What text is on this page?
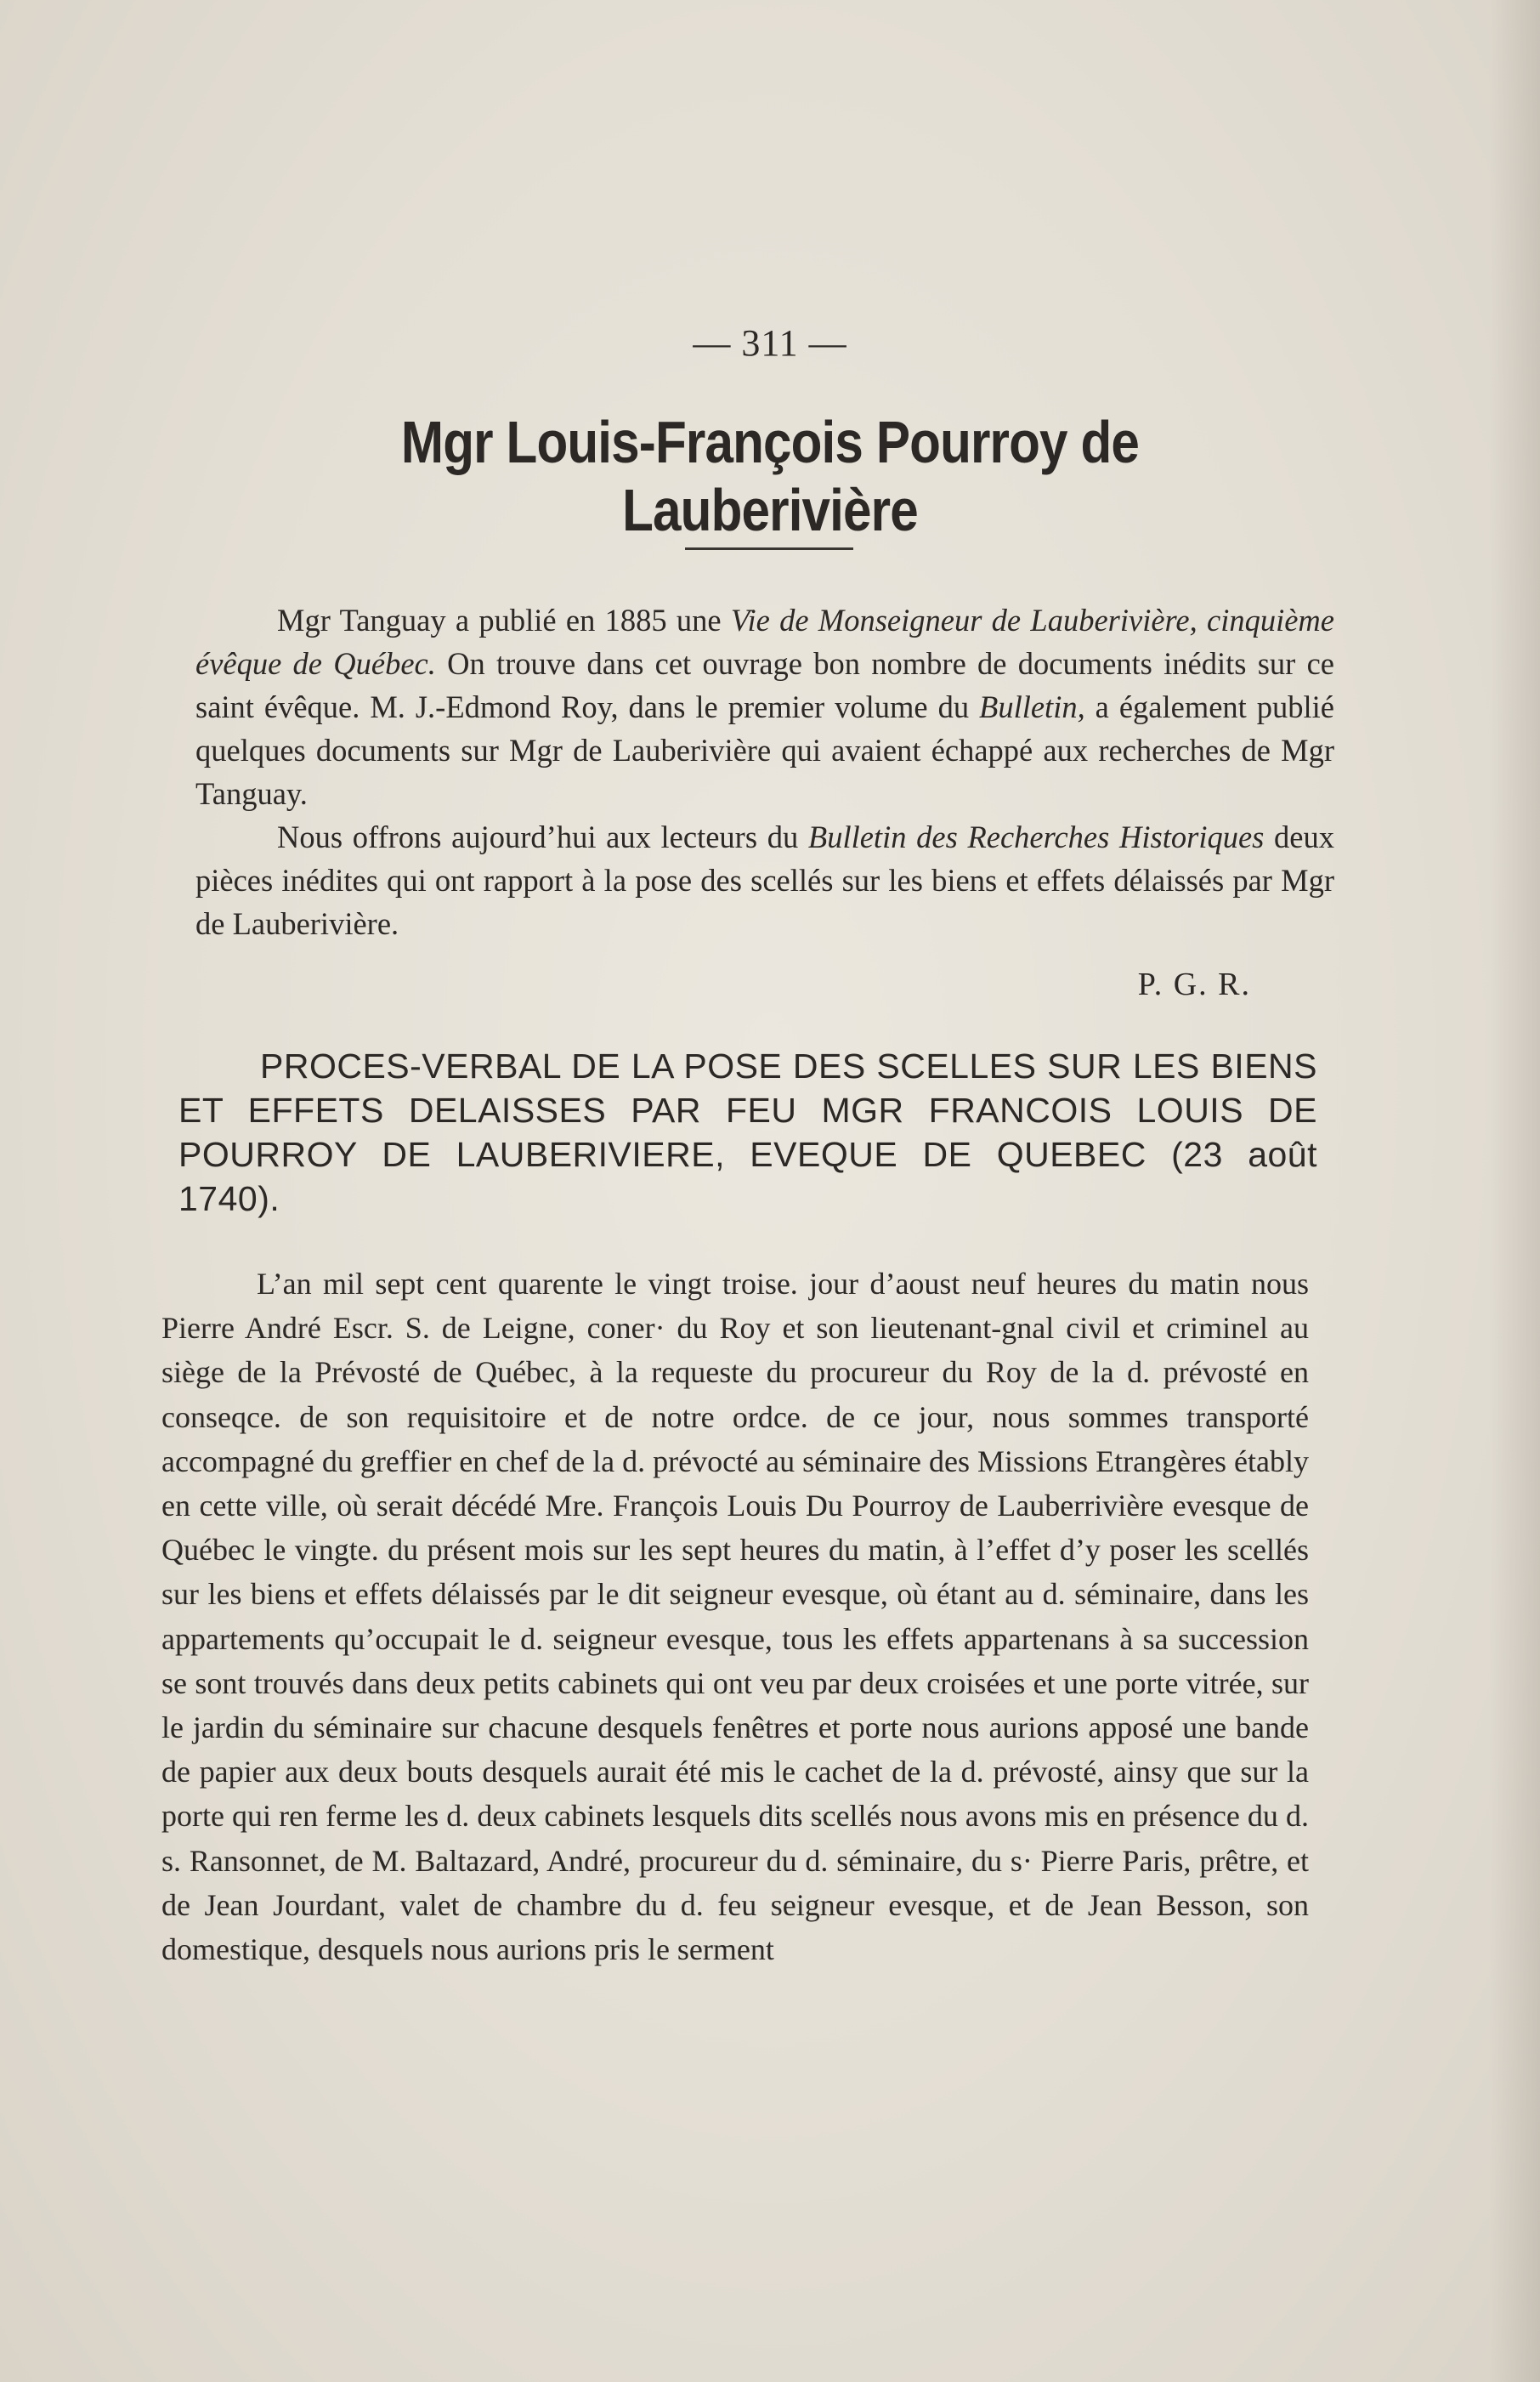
— 311 —
Mgr Louis-François Pourroy de Lauberivière

Mgr Tanguay a publié en 1885 une Vie de Monseigneur de Lauberivière, cinquième évêque de Québec. On trouve dans cet ouvrage bon nombre de documents inédits sur ce saint évêque. M. J.-Edmond Roy, dans le premier volume du Bulletin, a également publié quelques documents sur Mgr de Lauberivière qui avaient échappé aux recherches de Mgr Tanguay.

Nous offrons aujourd’hui aux lecteurs du Bulletin des Recherches Historiques deux pièces inédites qui ont rapport à la pose des scellés sur les biens et effets délaissés par Mgr de Lauberivière.

P. G. R.
PROCES-VERBAL DE LA POSE DES SCELLES SUR LES BIENS ET EFFETS DELAISSES PAR FEU MGR FRANCOIS LOUIS DE POURROY DE LAUBERIVIERE, EVEQUE DE QUEBEC (23 août 1740).

L’an mil sept cent quarente le vingt troise. jour d’aoust neuf heures du matin nous Pierre André Escr. S. de Leigne, coner· du Roy et son lieutenant-gnal civil et criminel au siège de la Prévosté de Québec, à la requeste du procureur du Roy de la d. prévosté en conseqce. de son requisitoire et de notre ordce. de ce jour, nous sommes transporté accompagné du greffier en chef de la d. prévocté au séminaire des Missions Etrangères étably en cette ville, où serait décédé Mre. François Louis Du Pourroy de Lauberrivière evesque de Québec le vingte. du présent mois sur les sept heures du matin, à l’effet d’y poser les scellés sur les biens et effets délaissés par le dit seigneur evesque, où étant au d. séminaire, dans les appartements qu’occupait le d. seigneur evesque, tous les effets appartenans à sa succession se sont trouvés dans deux petits cabinets qui ont veu par deux croisées et une porte vitrée, sur le jardin du séminaire sur chacune desquels fenêtres et porte nous aurions apposé une bande de papier aux deux bouts desquels aurait été mis le cachet de la d. prévosté, ainsy que sur la porte qui ren ferme les d. deux cabinets lesquels dits scellés nous avons mis en présence du d. s. Ransonnet, de M. Baltazard, André, procureur du d. séminaire, du s· Pierre Paris, prêtre, et de Jean Jourdant, valet de chambre du d. feu seigneur evesque, et de Jean Besson, son domestique, desquels nous aurions pris le serment
